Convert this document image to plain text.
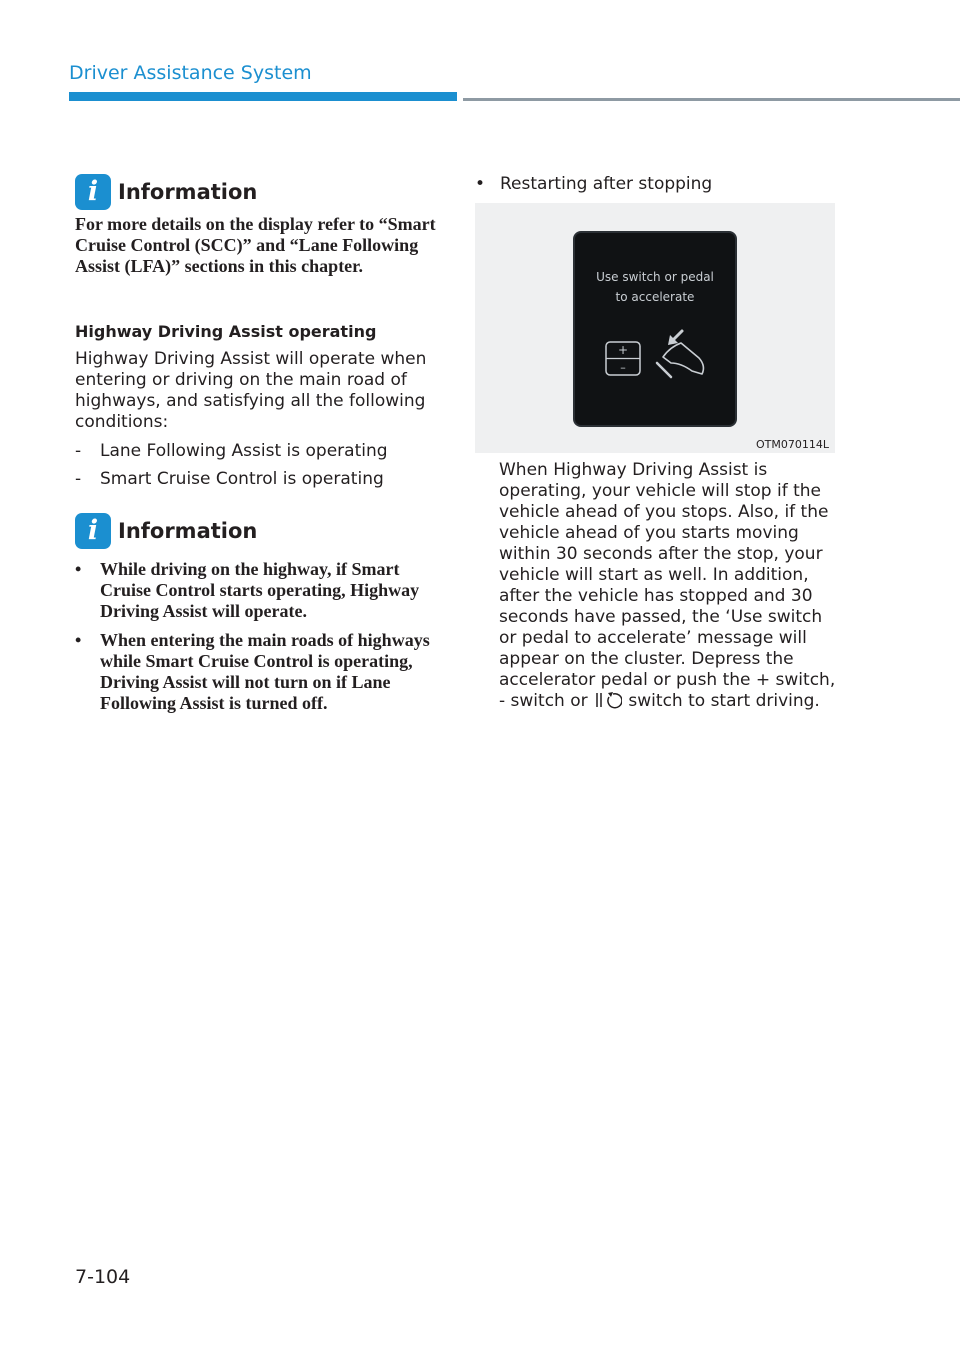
Driver Assistance System
i Information
For more details on the display refer to “Smart Cruise Control (SCC)” and “Lane Following Assist (LFA)” sections in this chapter.
Highway Driving Assist operating
Highway Driving Assist will operate when entering or driving on the main road of highways, and satisfying all the following conditions:
-	Lane Following Assist is operating
-	Smart Cruise Control is operating
i Information
•	While driving on the highway, if Smart Cruise Control starts operating, Highway Driving Assist will operate.
•	When entering the main roads of highways while Smart Cruise Control is operating, Driving Assist will not turn on if Lane Following Assist is turned off.
• Restarting after stopping
Use switch or pedal
to accelerate
+
–
OTM070114L
When Highway Driving Assist is operating, your vehicle will stop if the vehicle ahead of you stops. Also, if the vehicle ahead of you starts moving within 30 seconds after the stop, your vehicle will start as well. In addition, after the vehicle has stopped and 30 seconds have passed, the ‘Use switch or pedal to accelerate’ message will appear on the cluster. Depress the accelerator pedal or push the + switch, - switch or switch to start driving.
7-104
